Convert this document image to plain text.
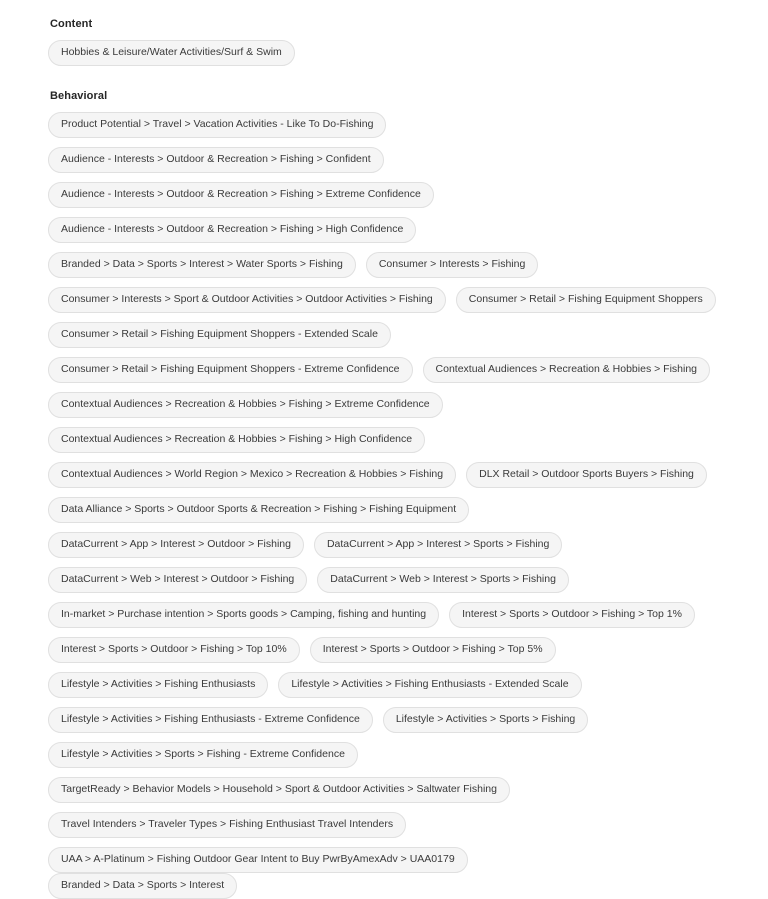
Content
Hobbies & Leisure/Water Activities/Surf & Swim
Behavioral
Product Potential > Travel > Vacation Activities - Like To Do-Fishing
Audience - Interests > Outdoor & Recreation > Fishing > Confident
Audience - Interests > Outdoor & Recreation > Fishing > Extreme Confidence
Audience - Interests > Outdoor & Recreation > Fishing > High Confidence
Branded > Data > Sports > Interest > Water Sports > Fishing	Consumer > Interests > Fishing
Consumer > Interests > Sport & Outdoor Activities > Outdoor Activities > Fishing	Consumer > Retail > Fishing Equipment Shoppers
Consumer > Retail > Fishing Equipment Shoppers - Extended Scale
Consumer > Retail > Fishing Equipment Shoppers - Extreme Confidence	Contextual Audiences > Recreation & Hobbies > Fishing
Contextual Audiences > Recreation & Hobbies > Fishing > Extreme Confidence
Contextual Audiences > Recreation & Hobbies > Fishing > High Confidence
Contextual Audiences > World Region > Mexico > Recreation & Hobbies > Fishing	DLX Retail > Outdoor Sports Buyers > Fishing
Data Alliance > Sports > Outdoor Sports & Recreation > Fishing > Fishing Equipment
DataCurrent > App > Interest > Outdoor > Fishing	DataCurrent > App > Interest > Sports > Fishing
DataCurrent > Web > Interest > Outdoor > Fishing	DataCurrent > Web > Interest > Sports > Fishing
In-market > Purchase intention > Sports goods > Camping, fishing and hunting	Interest > Sports > Outdoor > Fishing > Top 1%
Interest > Sports > Outdoor > Fishing > Top 10%	Interest > Sports > Outdoor > Fishing > Top 5%
Lifestyle > Activities > Fishing Enthusiasts	Lifestyle > Activities > Fishing Enthusiasts - Extended Scale
Lifestyle > Activities > Fishing Enthusiasts - Extreme Confidence	Lifestyle > Activities > Sports > Fishing
Lifestyle > Activities > Sports > Fishing - Extreme Confidence
TargetReady > Behavior Models > Household > Sport & Outdoor Activities > Saltwater Fishing
Travel Intenders > Traveler Types > Fishing Enthusiast Travel Intenders
UAA > A-Platinum > Fishing Outdoor Gear Intent to Buy PwrByAmexAdv > UAA0179
Branded > Data > Sports > Interest
